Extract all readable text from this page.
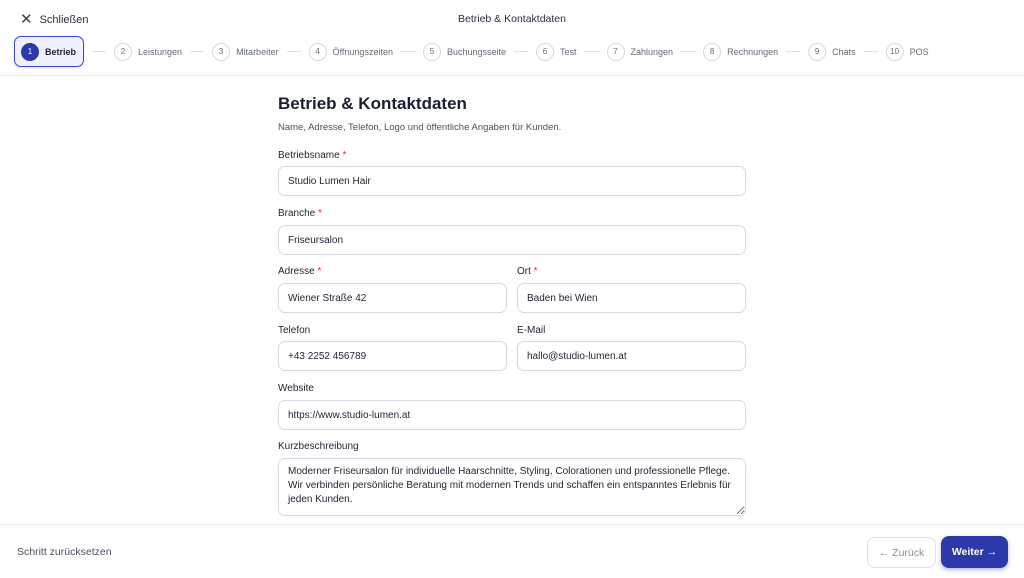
✕ Schließen	Betrieb & Kontaktdaten
1	Betrieb	2	Leistungen	3	Mitarbeiter	4	Öffnungszeiten	5	Buchungsseite	6	Test	7	Zahlungen	8	Rechnungen	9	Chats	10	POS
Betrieb & Kontaktdaten
Name, Adresse, Telefon, Logo und öffentliche Angaben für Kunden.
Betriebsname *
Studio Lumen Hair
Branche *
Friseursalon
Adresse *
Wiener Straße 42
Ort *
Baden bei Wien
Telefon
+43 2252 456789
E-Mail
hallo@studio-lumen.at
Website
https://www.studio-lumen.at
Kurzbeschreibung
Moderner Friseursalon für individuelle Haarschnitte, Styling, Colorationen und professionelle Pflege. Wir verbinden persönliche Beratung mit modernen Trends und schaffen ein entspanntes Erlebnis für jeden Kunden.
Schritt zurücksetzen	← Zurück	Weiter →
